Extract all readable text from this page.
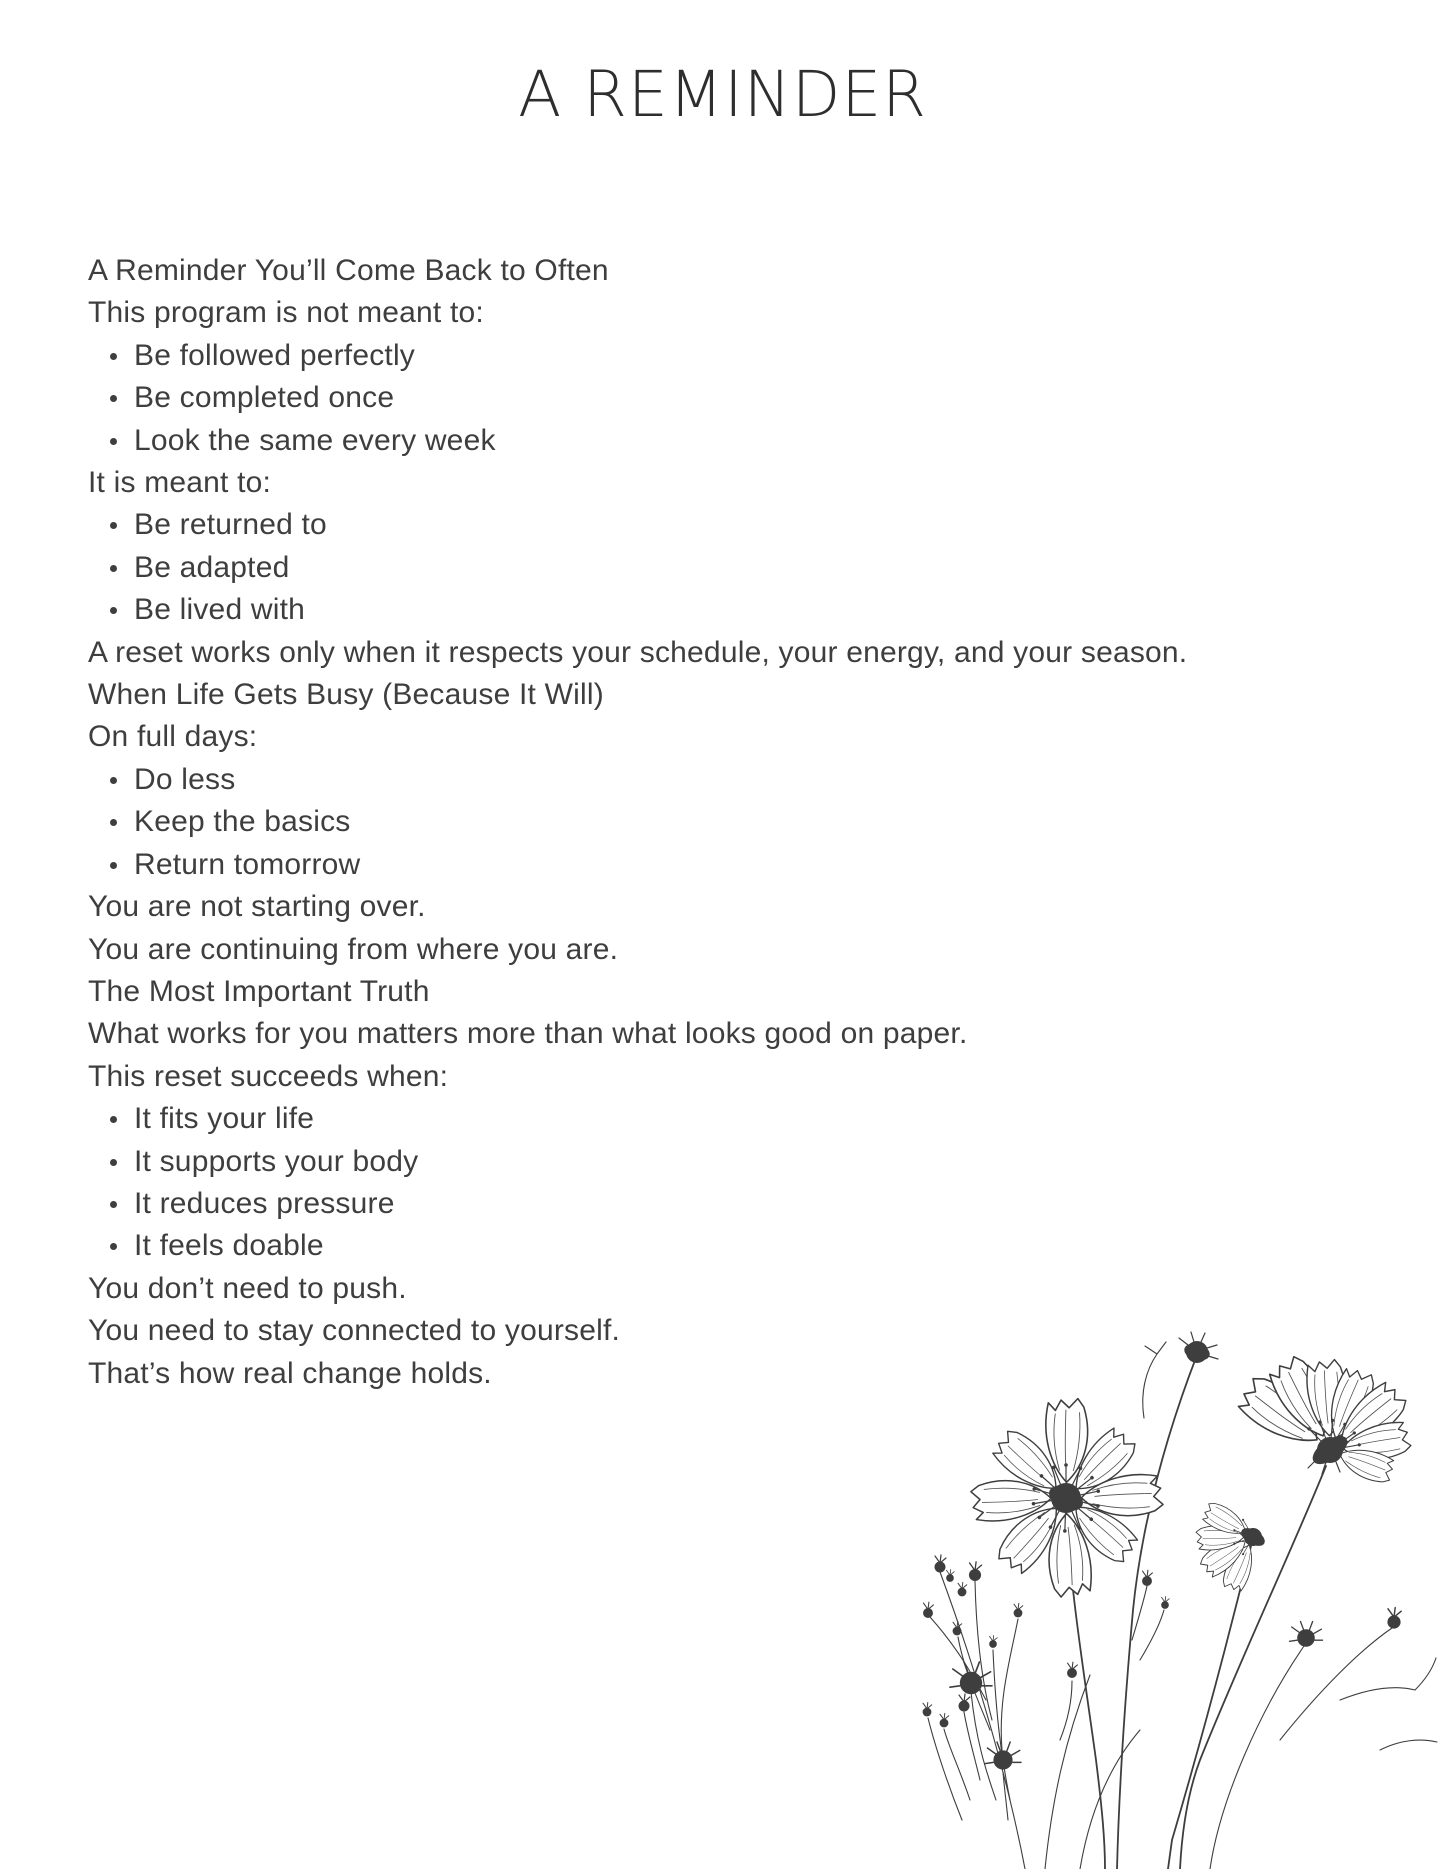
A REMINDER

A Reminder You’ll Come Back to Often

This program is not meant to:

Be followed perfectly
Be completed once
Look the same every week

It is meant to:

Be returned to
Be adapted
Be lived with

A reset works only when it respects your schedule, your energy, and your season.

When Life Gets Busy (Because It Will)

On full days:

Do less
Keep the basics
Return tomorrow

You are not starting over.

You are continuing from where you are.

The Most Important Truth

What works for you matters more than what looks good on paper.

This reset succeeds when:

It fits your life
It supports your body
It reduces pressure
It feels doable

You don’t need to push.

You need to stay connected to yourself.

That’s how real change holds.
